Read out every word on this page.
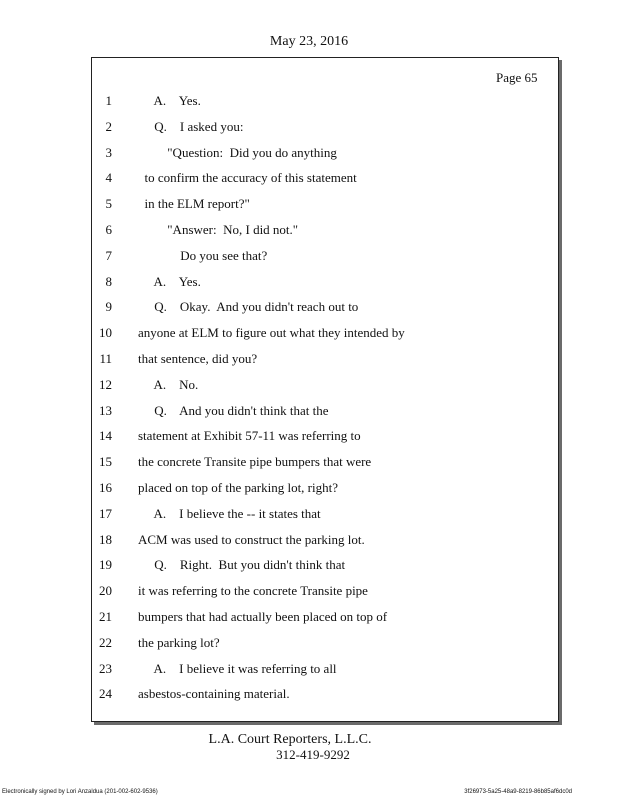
May 23, 2016
Page 65
1 A.    Yes.
2 Q.    I asked you:
3 "Question:  Did you do anything
4 to confirm the accuracy of this statement
5 in the ELM report?"
6 "Answer:  No, I did not."
7 Do you see that?
8 A.    Yes.
9 Q.    Okay.  And you didn't reach out to
10 anyone at ELM to figure out what they intended by
11 that sentence, did you?
12 A.    No.
13 Q.    And you didn't think that the
14 statement at Exhibit 57-11 was referring to
15 the concrete Transite pipe bumpers that were
16 placed on top of the parking lot, right?
17 A.    I believe the -- it states that
18 ACM was used to construct the parking lot.
19 Q.    Right.  But you didn't think that
20 it was referring to the concrete Transite pipe
21 bumpers that had actually been placed on top of
22 the parking lot?
23 A.    I believe it was referring to all
24 asbestos-containing material.
L.A. Court Reporters, L.L.C.
312-419-9292
Electronically signed by Lori Anzaldua (201-002-602-9536)	3f26973-5a25-48a9-8219-86b85af6dc0d
